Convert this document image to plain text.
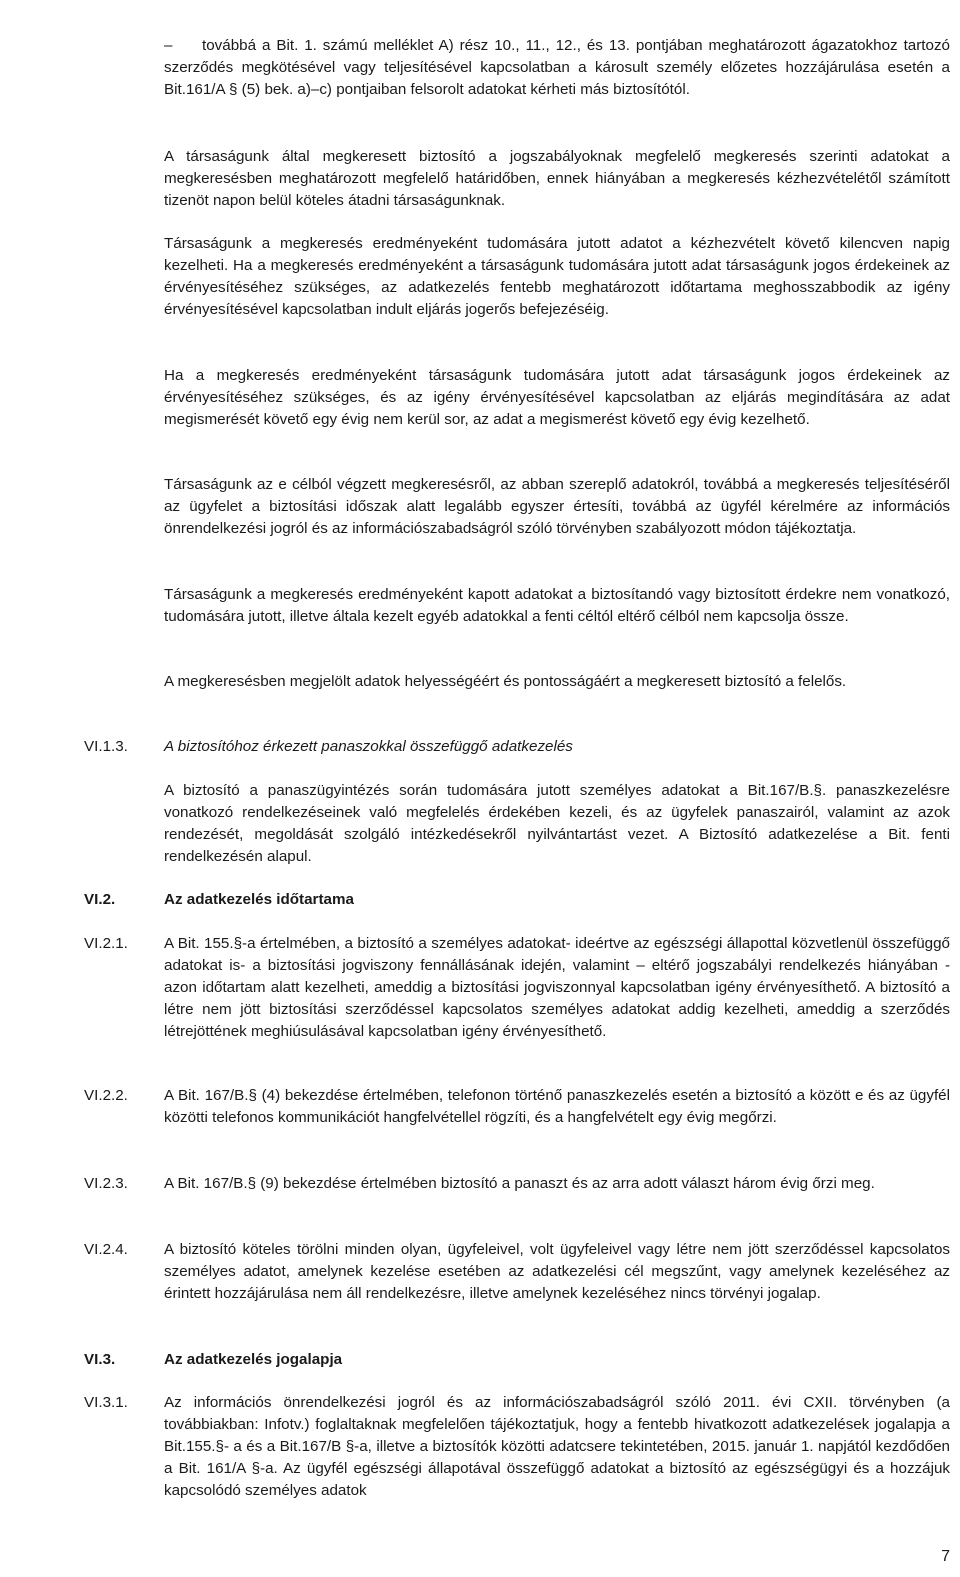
–	továbbá a Bit. 1. számú melléklet A) rész 10., 11., 12., és 13. pontjában meghatározott ágazatokhoz tartozó szerződés megkötésével vagy teljesítésével kapcsolatban a károsult személy előzetes hozzájárulása esetén a Bit.161/A § (5) bek. a)–c) pontjaiban felsorolt adatokat kérheti más biztosítótól.

A társaságunk által megkeresett biztosító a jogszabályoknak megfelelő megkeresés szerinti adatokat a megkeresésben meghatározott megfelelő határidőben, ennek hiányában a megkeresés kézhezvételétől számított tizenöt napon belül köteles átadni társaságunknak.

Társaságunk a megkeresés eredményeként tudomására jutott adatot a kézhezvételt követő kilencven napig kezelheti. Ha a megkeresés eredményeként a társaságunk tudomására jutott adat társaságunk jogos érdekeinek az érvényesítéséhez szükséges, az adatkezelés fentebb meghatározott időtartama meghosszabbodik az igény érvényesítésével kapcsolatban indult eljárás jogerős befejezéséig.

Ha a megkeresés eredményeként társaságunk tudomására jutott adat társaságunk jogos érdekeinek az érvényesítéséhez szükséges, és az igény érvényesítésével kapcsolatban az eljárás megindítására az adat megismerését követő egy évig nem kerül sor, az adat a megismerést követő egy évig kezelhető.

Társaságunk az e célból végzett megkeresésről, az abban szereplő adatokról, továbbá a megkeresés teljesítéséről az ügyfelet a biztosítási időszak alatt legalább egyszer értesíti, továbbá az ügyfél kérelmére az információs önrendelkezési jogról és az információszabadságról szóló törvényben szabályozott módon tájékoztatja.

Társaságunk a megkeresés eredményeként kapott adatokat a biztosítandó vagy biztosított érdekre nem vonatkozó, tudomására jutott, illetve általa kezelt egyéb adatokkal a fenti céltól eltérő célból nem kapcsolja össze.

A megkeresésben megjelölt adatok helyességéért és pontosságáért a megkeresett biztosító a felelős.

VI.1.3.	A biztosítóhoz érkezett panaszokkal összefüggő adatkezelés

A biztosító a panaszügyintézés során tudomására jutott személyes adatokat a Bit.167/B.§. panaszkezelésre vonatkozó rendelkezéseinek való megfelelés érdekében kezeli, és az ügyfelek panaszairól, valamint az azok rendezését, megoldását szolgáló intézkedésekről nyilvántartást vezet. A Biztosító adatkezelése a Bit. fenti rendelkezésén alapul.

VI.2.	Az adatkezelés időtartama

VI.2.1.	A Bit. 155.§-a értelmében, a biztosító a személyes adatokat- ideértve az egészségi állapottal közvetlenül összefüggő adatokat is- a biztosítási jogviszony fennállásának idején, valamint – eltérő jogszabályi rendelkezés hiányában - azon időtartam alatt kezelheti, ameddig a biztosítási jogviszonnyal kapcsolatban igény érvényesíthető. A biztosító a létre nem jött biztosítási szerződéssel kapcsolatos személyes adatokat addig kezelheti, ameddig a szerződés létrejöttének meghiúsulásával kapcsolatban igény érvényesíthető.

VI.2.2.	A Bit. 167/B.§ (4) bekezdése értelmében, telefonon történő panaszkezelés esetén a biztosító a között e és az ügyfél közötti telefonos kommunikációt hangfelvétellel rögzíti, és a hangfelvételt egy évig megőrzi.

VI.2.3.	A Bit. 167/B.§ (9) bekezdése értelmében biztosító a panaszt és az arra adott választ három évig őrzi meg.

VI.2.4.	A biztosító köteles törölni minden olyan, ügyfeleivel, volt ügyfeleivel vagy létre nem jött szerződéssel kapcsolatos személyes adatot, amelynek kezelése esetében az adatkezelési cél megszűnt, vagy amelynek kezeléséhez az érintett hozzájárulása nem áll rendelkezésre, illetve amelynek kezeléséhez nincs törvényi jogalap.

VI.3.	Az adatkezelés jogalapja

VI.3.1.	Az információs önrendelkezési jogról és az információszabadságról szóló 2011. évi CXII. törvényben (a továbbiakban: Infotv.) foglaltaknak megfelelően tájékoztatjuk, hogy a fentebb hivatkozott adatkezelések jogalapja a Bit.155.§- a és a Bit.167/B §-a, illetve a biztosítók közötti adatcsere tekintetében, 2015. január 1. napjától kezdődően a Bit. 161/A §-a. Az ügyfél egészségi állapotával összefüggő adatokat a biztosító az egészségügyi és a hozzájuk kapcsolódó személyes adatok

7
